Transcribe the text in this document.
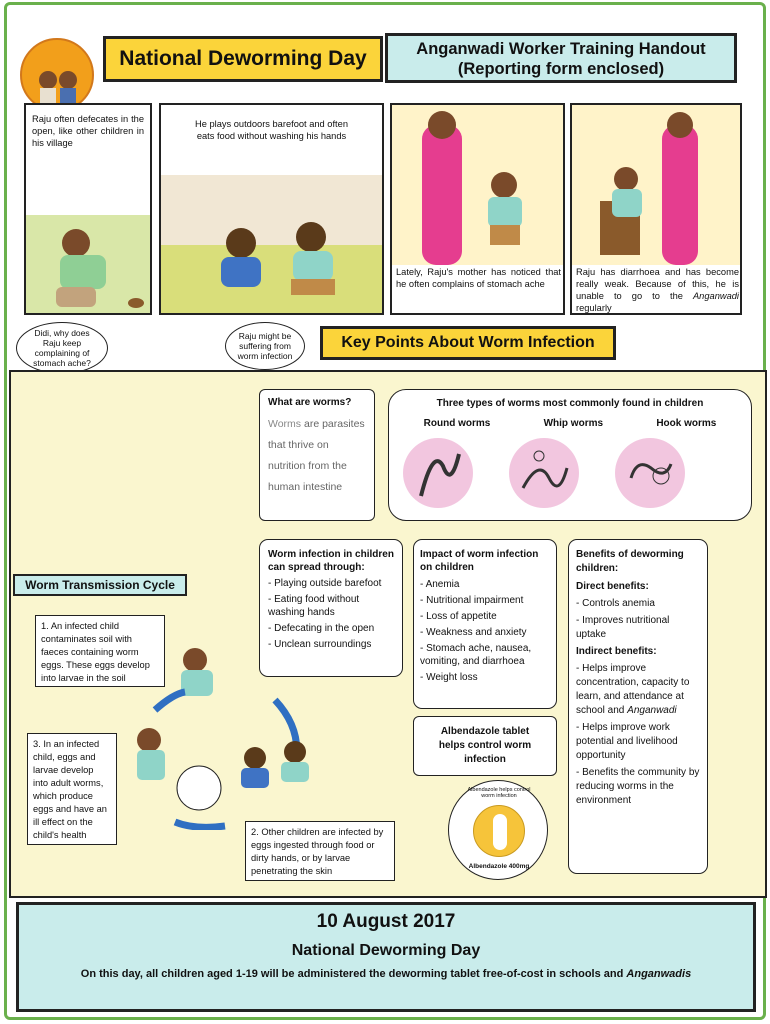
National Deworming Day	Anganwadi Worker Training Handout
(Reporting form enclosed)
Raju often defecates in the open, like other children in his village
He plays outdoors barefoot and often eats food without washing his hands
Lately, Raju's mother has noticed that he often complains of stomach ache
Raju has diarrhoea and has become really weak. Because of this, he is unable to go to the Anganwadi regularly
Didi, why does Raju keep complaining of stomach ache?
Raju might be suffering from worm infection
Key Points About Worm Infection
What are worms?
Worms are parasites that thrive on nutrition from the human intestine
Three types of worms most commonly found in children
Round worms	Whip worms	Hook worms
Worm infection in children can spread through:
- Playing outside barefoot
- Eating food without washing hands
- Defecating in the open
- Unclean surroundings
Impact of worm infection on children
- Anemia
- Nutritional impairment
- Loss of appetite
- Weakness and anxiety
- Stomach ache, nausea, vomiting, and diarrhoea
- Weight loss
Albendazole tablet helps control worm infection
Albendazole helps control worm infection
Albendazole 400mg
Benefits of deworming children:
Direct benefits:
- Controls anemia
- Improves nutritional uptake
Indirect benefits:
- Helps improve concentration, capacity to learn, and attendance at school and Anganwadi
- Helps improve work potential and livelihood opportunity
- Benefits the community by reducing worms in the environment
Worm Transmission Cycle
1. An infected child contaminates soil with faeces containing worm eggs. These eggs develop into larvae in the soil
3. In an infected child, eggs and larvae develop into adult worms, which produce eggs and have an ill effect on the child's health	2. Other children are infected by eggs ingested through food or dirty hands, or by larvae penetrating the skin
10 August 2017
National Deworming Day
On this day, all children aged 1-19 will be administered the deworming tablet free-of-cost in schools and Anganwadis
